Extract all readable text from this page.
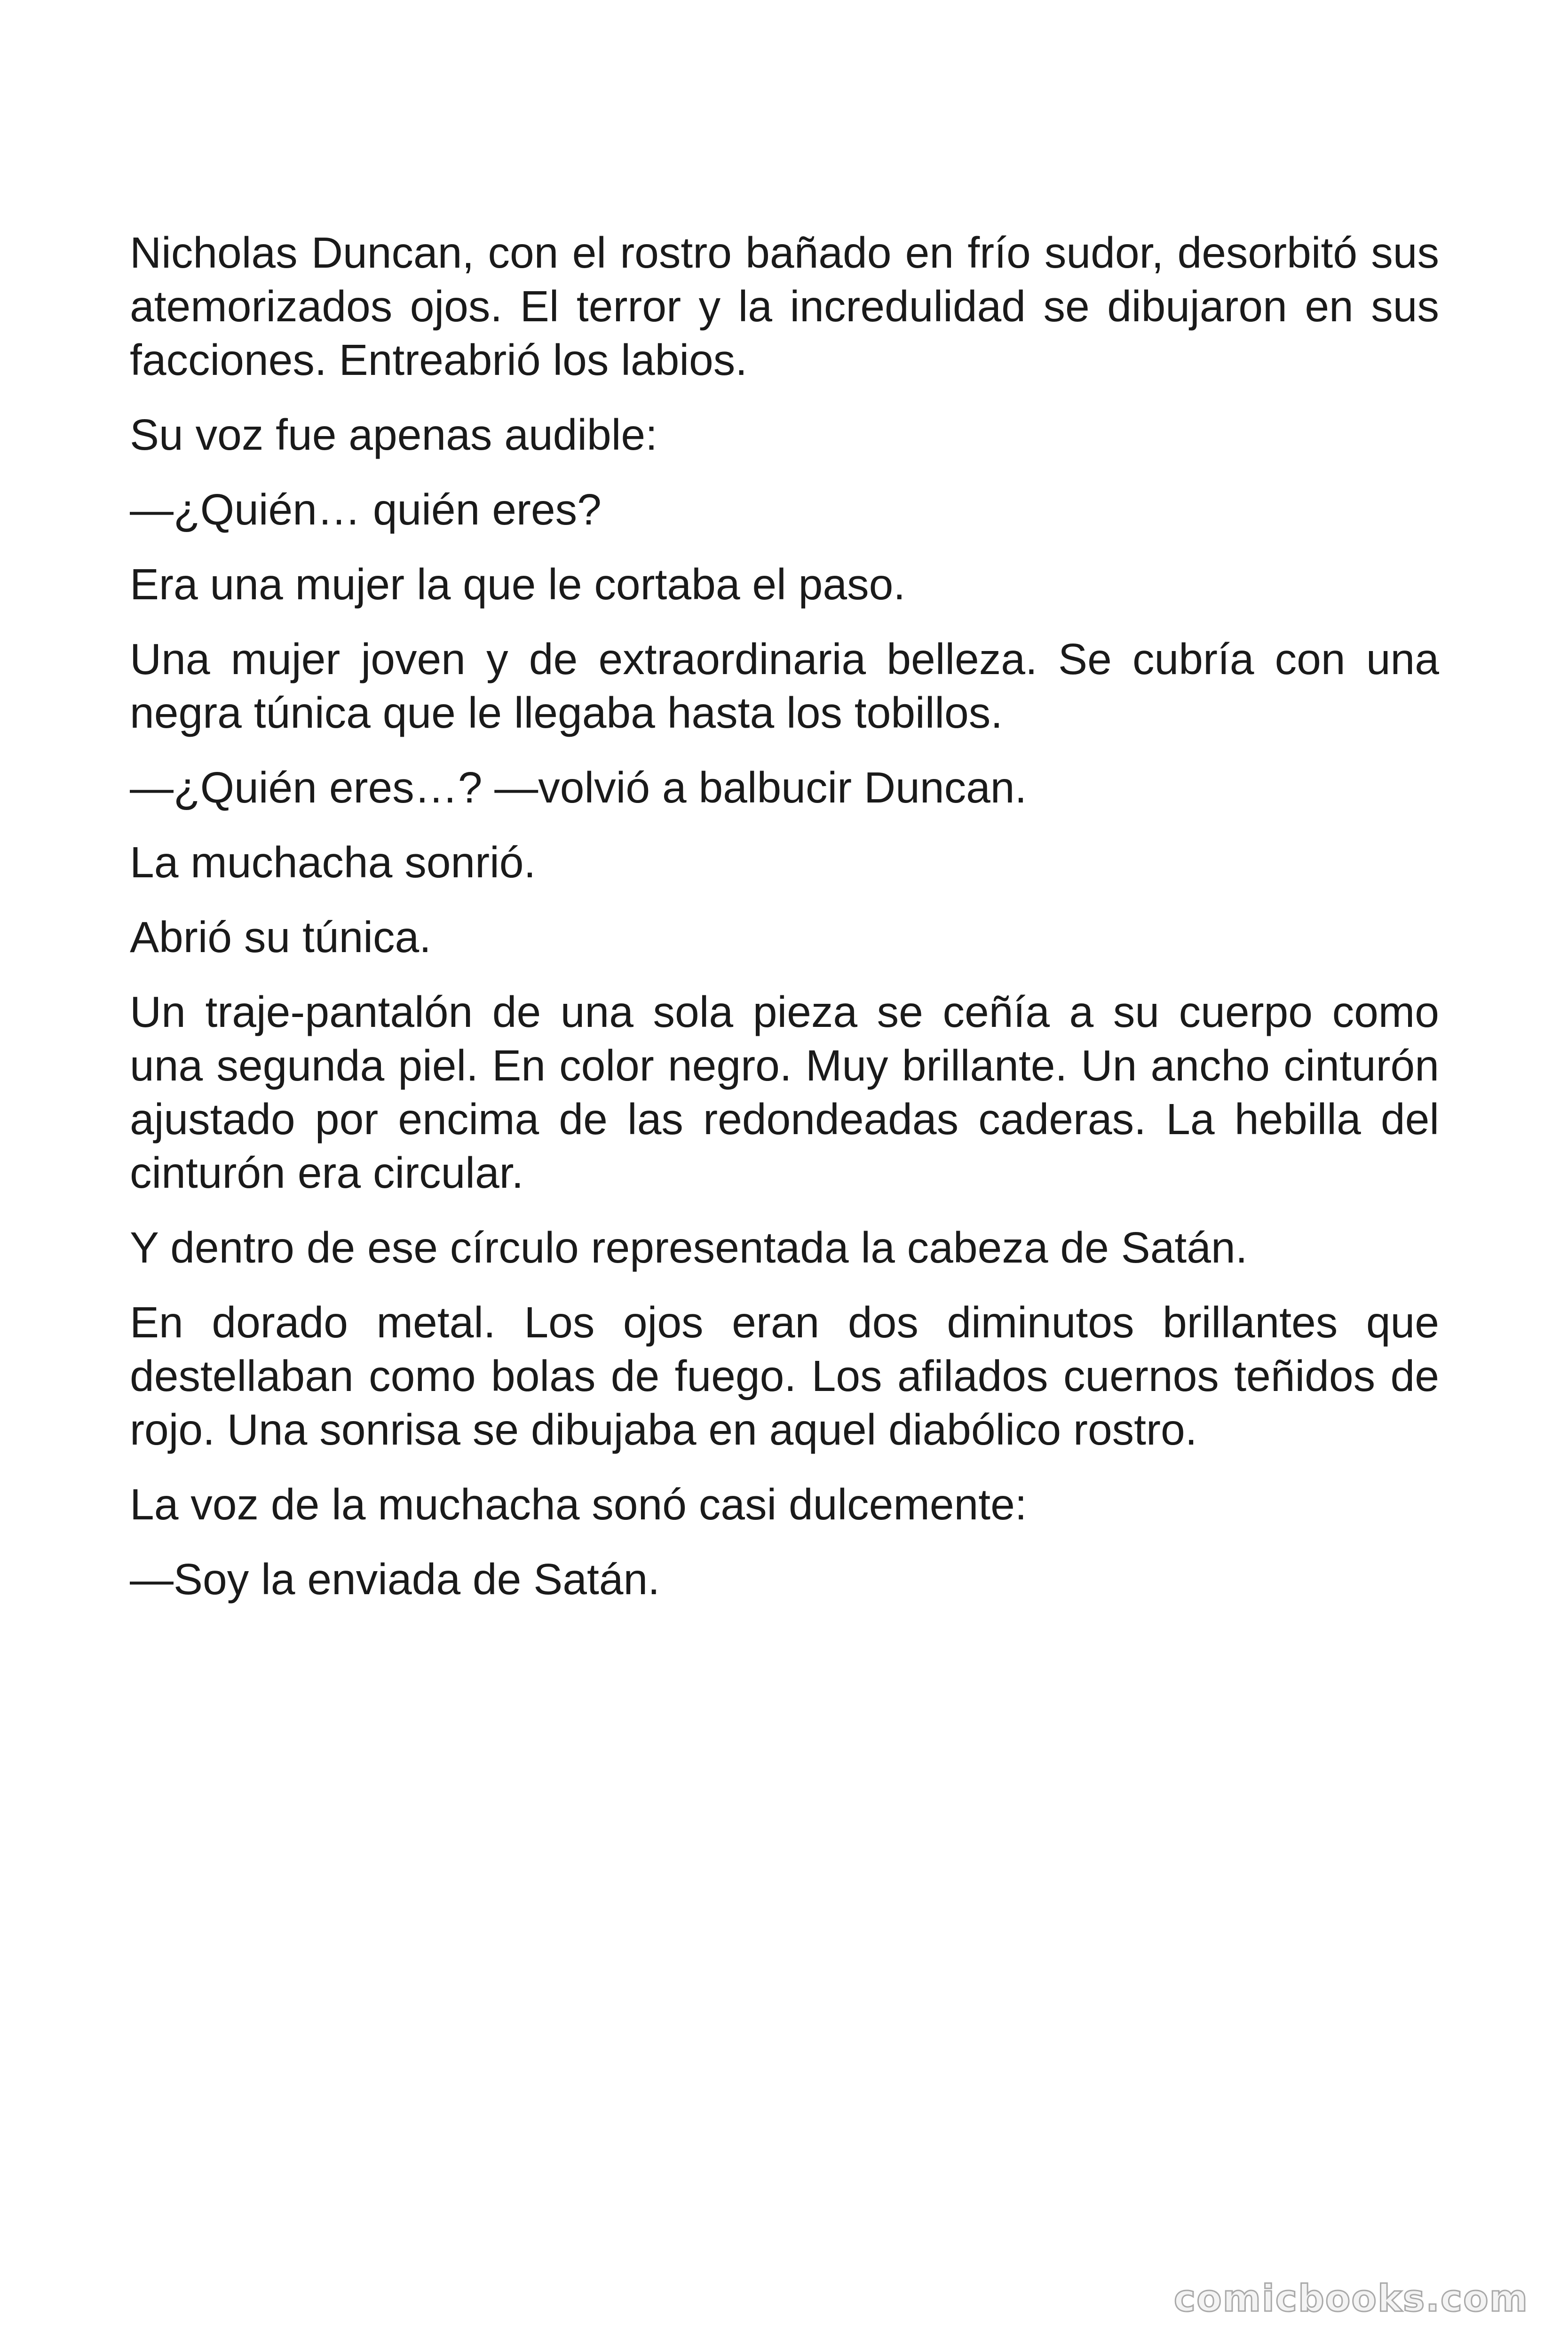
Nicholas Duncan, con el rostro bañado en frío sudor, desorbitó sus atemorizados ojos. El terror y la incredulidad se dibujaron en sus facciones. Entreabrió los labios.

Su voz fue apenas audible:

—¿Quién… quién eres?

Era una mujer la que le cortaba el paso.

Una mujer joven y de extraordinaria belleza. Se cubría con una negra túnica que le llegaba hasta los tobillos.

—¿Quién eres…? —volvió a balbucir Duncan.

La muchacha sonrió.

Abrió su túnica.

Un traje-pantalón de una sola pieza se ceñía a su cuerpo como una segunda piel. En color negro. Muy brillante. Un ancho cinturón ajustado por encima de las redondeadas caderas. La hebilla del cinturón era circular.

Y dentro de ese círculo representada la cabeza de Satán.

En dorado metal. Los ojos eran dos diminutos brillantes que destellaban como bolas de fuego. Los afilados cuernos teñidos de rojo. Una sonrisa se dibujaba en aquel diabólico rostro.

La voz de la muchacha sonó casi dulcemente:

—Soy la enviada de Satán.

comicbooks.com
